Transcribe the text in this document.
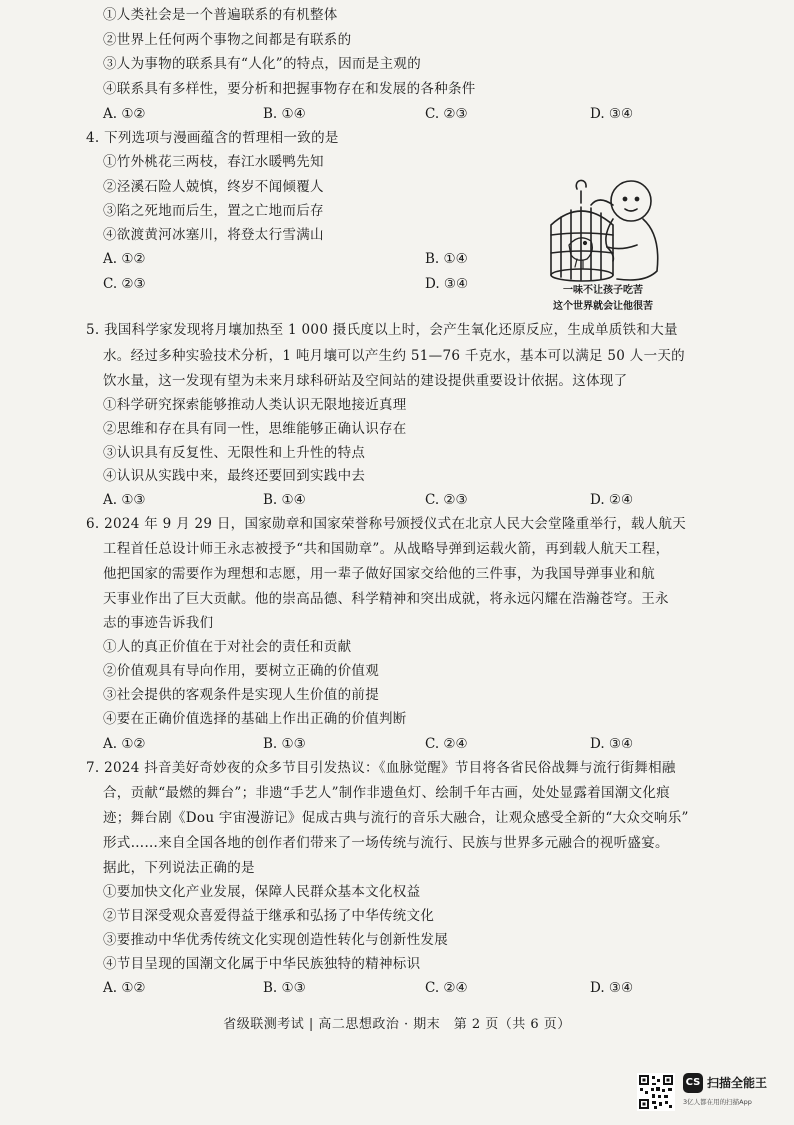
①人类社会是一个普遍联系的有机整体
②世界上任何两个事物之间都是有联系的
③人为事物的联系具有“人化”的特点，因而是主观的
④联系具有多样性，要分析和把握事物存在和发展的各种条件
A. ①②	B. ①④	C. ②③	D. ③④
4. 下列选项与漫画蕴含的哲理相一致的是
①竹外桃花三两枝，春江水暖鸭先知
②泾溪石险人兢慎，终岁不闻倾覆人
③陷之死地而后生，置之亡地而后存
④欲渡黄河冰塞川，将登太行雪满山
A. ①②	B. ①④
C. ②③	D. ③④	一味不让孩子吃苦
这个世界就会让他很苦
5. 我国科学家发现将月壤加热至 1 000 摄氏度以上时，会产生氧化还原反应，生成单质铁和大量
水。经过多种实验技术分析，1 吨月壤可以产生约 51—76 千克水，基本可以满足 50 人一天的
饮水量，这一发现有望为未来月球科研站及空间站的建设提供重要设计依据。这体现了
①科学研究探索能够推动人类认识无限地接近真理
②思维和存在具有同一性，思维能够正确认识存在
③认识具有反复性、无限性和上升性的特点
④认识从实践中来，最终还要回到实践中去
A. ①③	B. ①④	C. ②③	D. ②④
6. 2024 年 9 月 29 日，国家勋章和国家荣誉称号颁授仪式在北京人民大会堂隆重举行，载人航天
工程首任总设计师王永志被授予“共和国勋章”。从战略导弹到运载火箭，再到载人航天工程，
他把国家的需要作为理想和志愿，用一辈子做好国家交给他的三件事，为我国导弹事业和航
天事业作出了巨大贡献。他的崇高品德、科学精神和突出成就，将永远闪耀在浩瀚苍穹。王永
志的事迹告诉我们
①人的真正价值在于对社会的责任和贡献
②价值观具有导向作用，要树立正确的价值观
③社会提供的客观条件是实现人生价值的前提
④要在正确价值选择的基础上作出正确的价值判断
A. ①②	B. ①③	C. ②④	D. ③④
7. 2024 抖音美好奇妙夜的众多节目引发热议：《血脉觉醒》节目将各省民俗战舞与流行街舞相融
合，贡献“最燃的舞台”；非遗“手艺人”制作非遗鱼灯、绘制千年古画，处处显露着国潮文化痕
迹；舞台剧《Dou 宇宙漫游记》促成古典与流行的音乐大融合，让观众感受全新的“大众交响乐”
形式……来自全国各地的创作者们带来了一场传统与流行、民族与世界多元融合的视听盛宴。
据此，下列说法正确的是
①要加快文化产业发展，保障人民群众基本文化权益
②节目深受观众喜爱得益于继承和弘扬了中华传统文化
③要推动中华优秀传统文化实现创造性转化与创新性发展
④节目呈现的国潮文化属于中华民族独特的精神标识
A. ①②	B. ①③	C. ②④	D. ③④
省级联测考试 | 高二思想政治 · 期末　第 2 页（共 6 页）
CS 扫描全能王
3亿人都在用的扫描App
